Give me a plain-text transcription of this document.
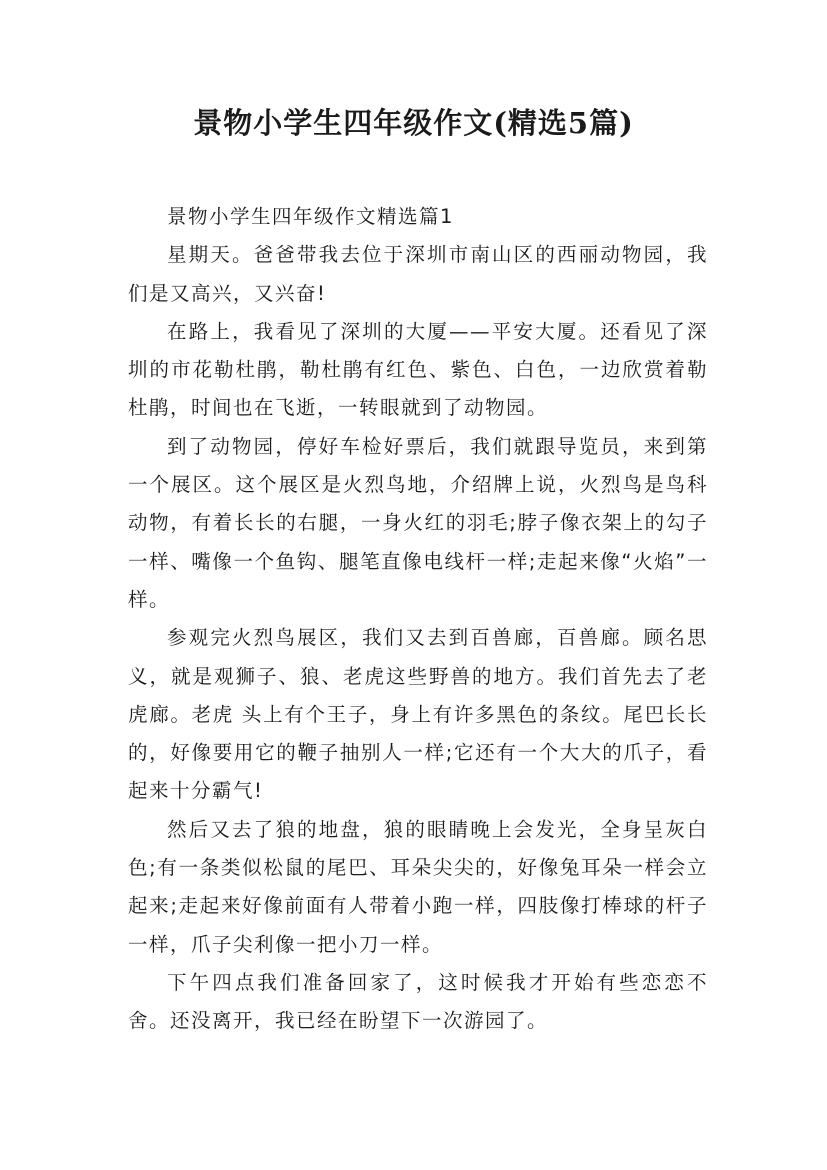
景物小学生四年级作文(精选5篇)

景物小学生四年级作文精选篇1

星期天。爸爸带我去位于深圳市南山区的西丽动物园，我们是又高兴，又兴奋!

在路上，我看见了深圳的大厦——平安大厦。还看见了深圳的市花勒杜鹃，勒杜鹃有红色、紫色、白色，一边欣赏着勒杜鹃，时间也在飞逝，一转眼就到了动物园。

到了动物园，停好车检好票后，我们就跟导览员，来到第一个展区。这个展区是火烈鸟地，介绍牌上说，火烈鸟是鸟科动物，有着长长的右腿，一身火红的羽毛;脖子像衣架上的勾子一样、嘴像一个鱼钩、腿笔直像电线杆一样;走起来像“火焰”一样。

参观完火烈鸟展区，我们又去到百兽廊，百兽廊。顾名思义，就是观狮子、狼、老虎这些野兽的地方。我们首先去了老虎廊。老虎 头上有个王子，身上有许多黑色的条纹。尾巴长长的，好像要用它的鞭子抽别人一样;它还有一个大大的爪子，看起来十分霸气!

然后又去了狼的地盘，狼的眼睛晚上会发光，全身呈灰白色;有一条类似松鼠的尾巴、耳朵尖尖的，好像兔耳朵一样会立起来;走起来好像前面有人带着小跑一样，四肢像打棒球的杆子一样，爪子尖利像一把小刀一样。

下午四点我们准备回家了，这时候我才开始有些恋恋不舍。还没离开，我已经在盼望下一次游园了。
